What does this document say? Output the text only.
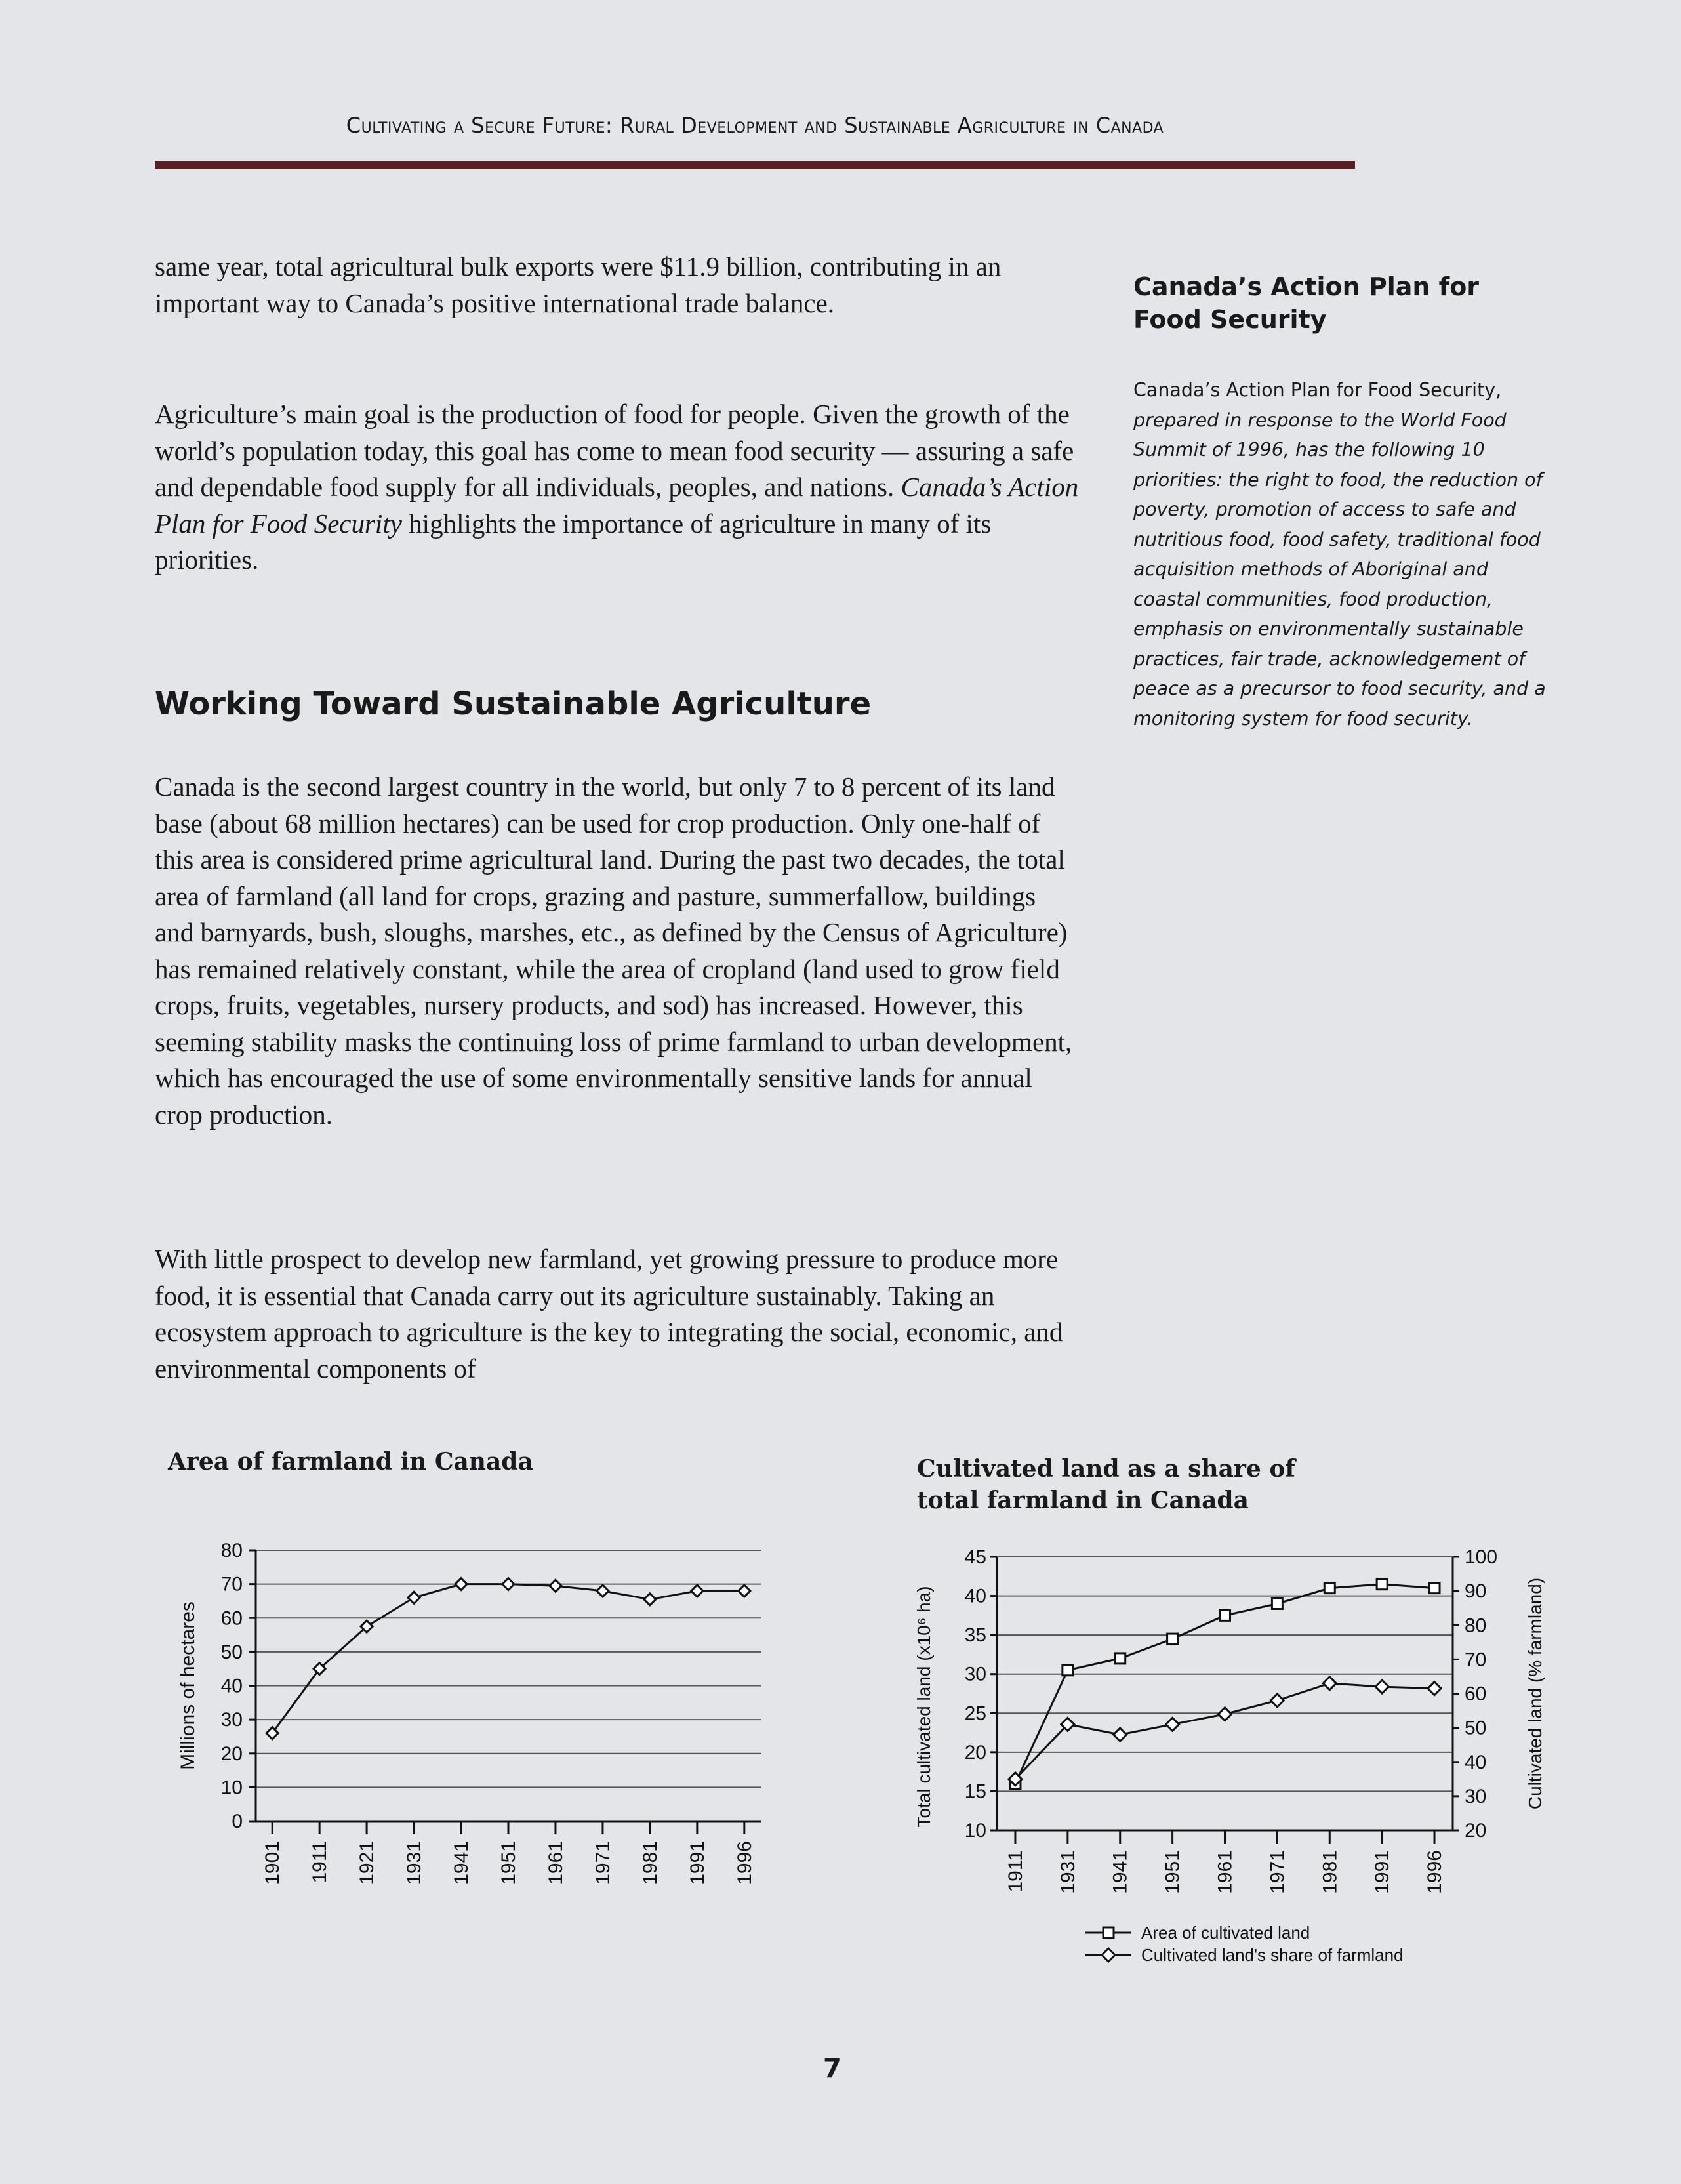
Cultivating a Secure Future: Rural Development and Sustainable Agriculture in Canada

same year, total agricultural bulk exports were $11.9 billion, contributing in an important way to Canada’s positive international trade balance.

Agriculture’s main goal is the production of food for people. Given the growth of the world’s population today, this goal has come to mean food security — assuring a safe and dependable food supply for all individuals, peoples, and nations. Canada’s Action Plan for Food Security highlights the importance of agriculture in many of its priorities.

Working Toward Sustainable Agriculture

Canada is the second largest country in the world, but only 7 to 8 percent of its land base (about 68 million hectares) can be used for crop production. Only one-half of this area is considered prime agricultural land. During the past two decades, the total area of farmland (all land for crops, grazing and pasture, summerfallow, buildings and barnyards, bush, sloughs, marshes, etc., as defined by the Census of Agriculture) has remained relatively constant, while the area of cropland (land used to grow field crops, fruits, vegetables, nursery products, and sod) has increased. However, this seeming stability masks the continuing loss of prime farmland to urban development, which has encouraged the use of some environmentally sensitive lands for annual crop production.

With little prospect to develop new farmland, yet growing pressure to produce more food, it is essential that Canada carry out its agriculture sustainably. Taking an ecosystem approach to agriculture is the key to integrating the social, economic, and environmental components of

Canada’s Action Plan for Food Security

Canada’s Action Plan for Food Security, prepared in response to the World Food Summit of 1996, has the following 10 priorities: the right to food, the reduction of poverty, promotion of access to safe and nutritious food, food safety, traditional food acquisition methods of Aboriginal and coastal communities, food production, emphasis on environmentally sustainable practices, fair trade, acknowledgement of peace as a precursor to food security, and a monitoring system for food security.

Area of farmland in Canada	Cultivated land as a share of total farmland in Canada
0
10
20
30
40
50
60
70
80
Millions of hectares
1901 1911 1921 1931 1941 1951 1961 1971 1981 1991 1996
10
15
20
25
30
35
40
45
20
30
40
50
60
70
80
90
100
Total cultivated land (x10⁶ ha)	Cultivated land (% farmland)
1911 1931 1941 1951 1961 1971 1981 1991 1996
Area of cultivated land
Cultivated land's share of farmland
7
